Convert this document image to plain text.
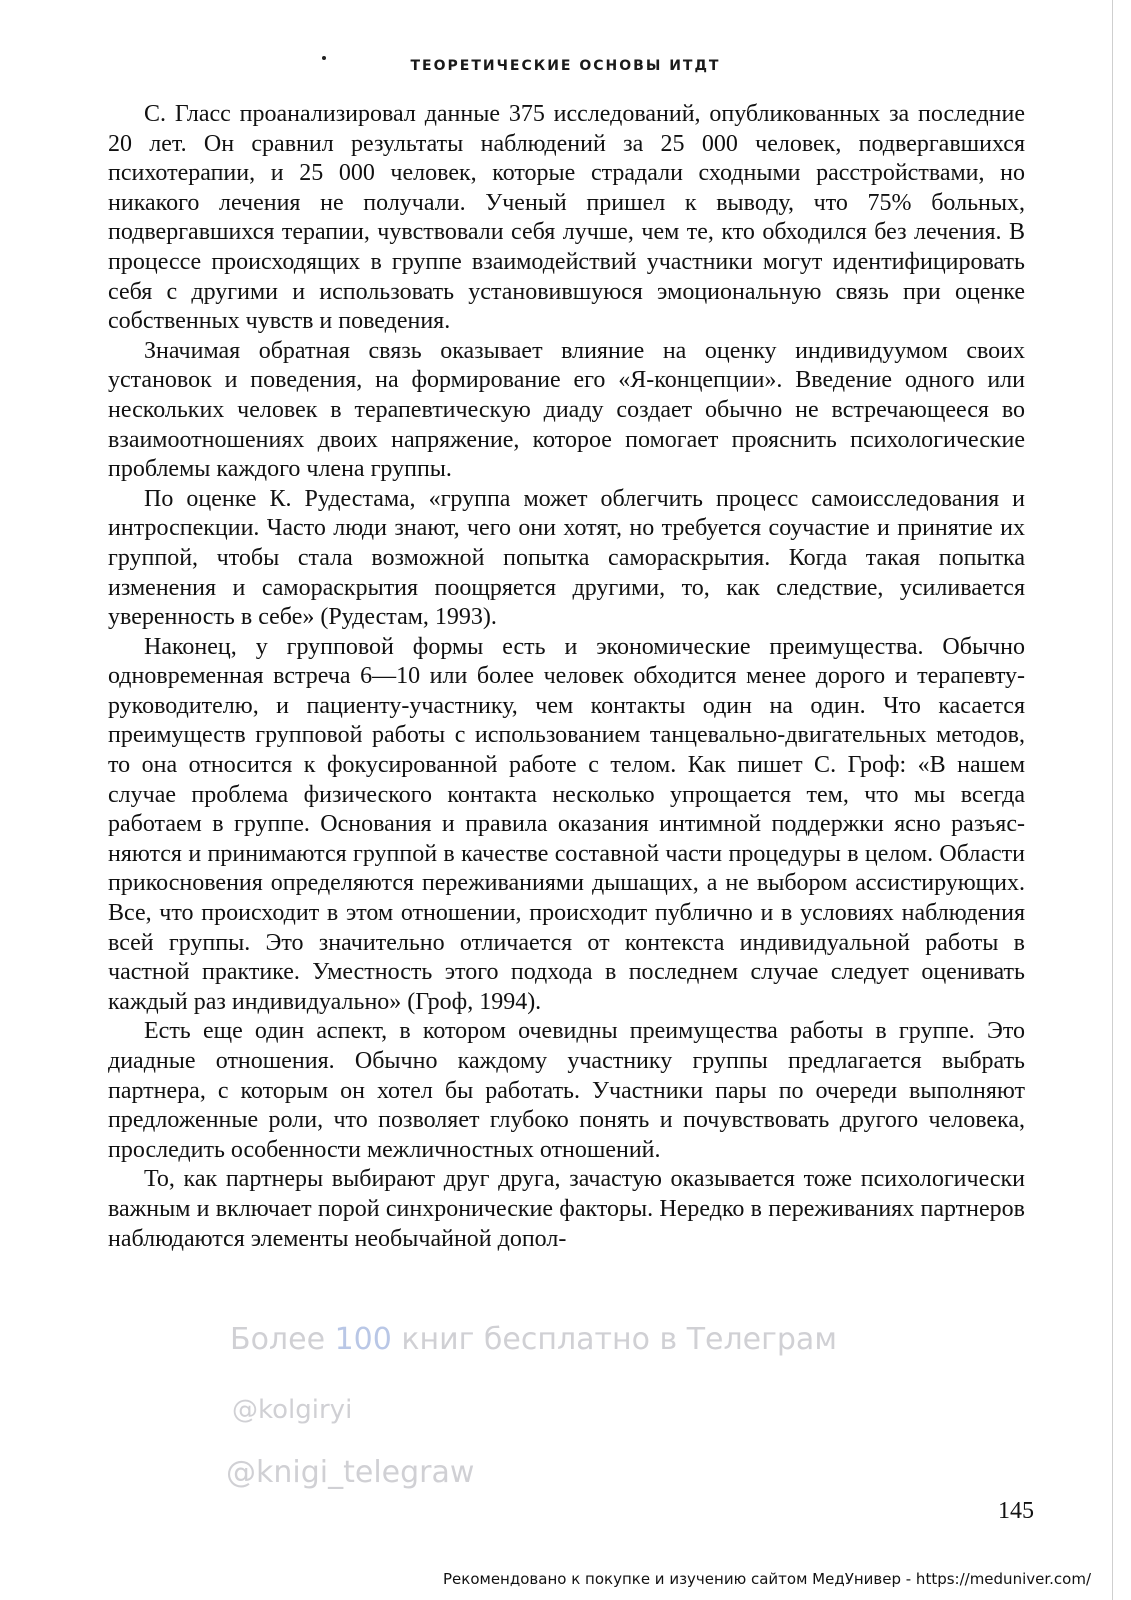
ТЕОРЕТИЧЕСКИЕ ОСНОВЫ ИТДТ

С. Гласс проанализировал данные 375 исследований, опубликованных за последние 20 лет. Он сравнил результаты наблюдений за 25 000 человек, подвергавшихся психотерапии, и 25 000 человек, которые страдали сходными расстройствами, но никакого лечения не получали. Ученый пришел к выводу, что 75% больных, подвергавшихся терапии, чувствовали себя лучше, чем те, кто обходился без лечения. В процессе происходящих в группе взаимодействий участники могут идентифицировать себя с другими и использовать установившуюся эмоциональную связь при оценке собственных чувств и поведения.

Значимая обратная связь оказывает влияние на оценку индивидуумом своих установок и поведения, на формирование его «Я-концепции». Введение одного или нескольких человек в терапевтическую диаду создает обычно не встречающееся во взаимоотношениях двоих напряжение, которое помогает прояснить психологические проблемы каждого члена группы.

По оценке К. Рудестама, «группа может облегчить процесс самоисследования и интроспекции. Часто люди знают, чего они хотят, но требуется соучастие и принятие их группой, чтобы стала возможной попытка самораскрытия. Когда такая попытка изменения и самораскрытия поощряется другими, то, как следствие, усиливается уверенность в себе» (Рудестам, 1993).

Наконец, у групповой формы есть и экономические преимущества. Обычно одновременная встреча 6—10 или более человек обходится менее дорого и терапевту-руководителю, и пациенту-участнику, чем контакты один на один. Что касается преимуществ групповой работы с использованием танцевально-двигательных методов, то она относится к фокусированной работе с телом. Как пишет С. Гроф: «В нашем случае проблема физического контакта несколько упрощается тем, что мы всегда работаем в группе. Основания и правила оказания интимной поддержки ясно разъясняются и принимаются группой в качестве составной части процедуры в целом. Области прикосновения определяются переживаниями дышащих, а не выбором ассистирующих. Все, что происходит в этом отношении, происходит публично и в условиях наблюдения всей группы. Это значительно отличается от контекста индивидуальной работы в частной практике. Уместность этого подхода в последнем случае следует оценивать каждый раз индивидуально» (Гроф, 1994).

Есть еще один аспект, в котором очевидны преимущества работы в группе. Это диадные отношения. Обычно каждому участнику группы предлагается выбрать партнера, с которым он хотел бы работать. Участники пары по очереди выполняют предложенные роли, что позволяет глубоко понять и почувствовать другого человека, проследить особенности межличностных отношений.

То, как партнеры выбирают друг друга, зачастую оказывается тоже психологически важным и включает порой синхронические факторы. Нередко в переживаниях партнеров наблюдаются элементы необычайной допол-

Более 100 книг бесплатно в Телеграм
@kolgiryi
@knigi_telegraw
145
Рекомендовано к покупке и изучению сайтом МедУнивер - https://meduniver.com/
